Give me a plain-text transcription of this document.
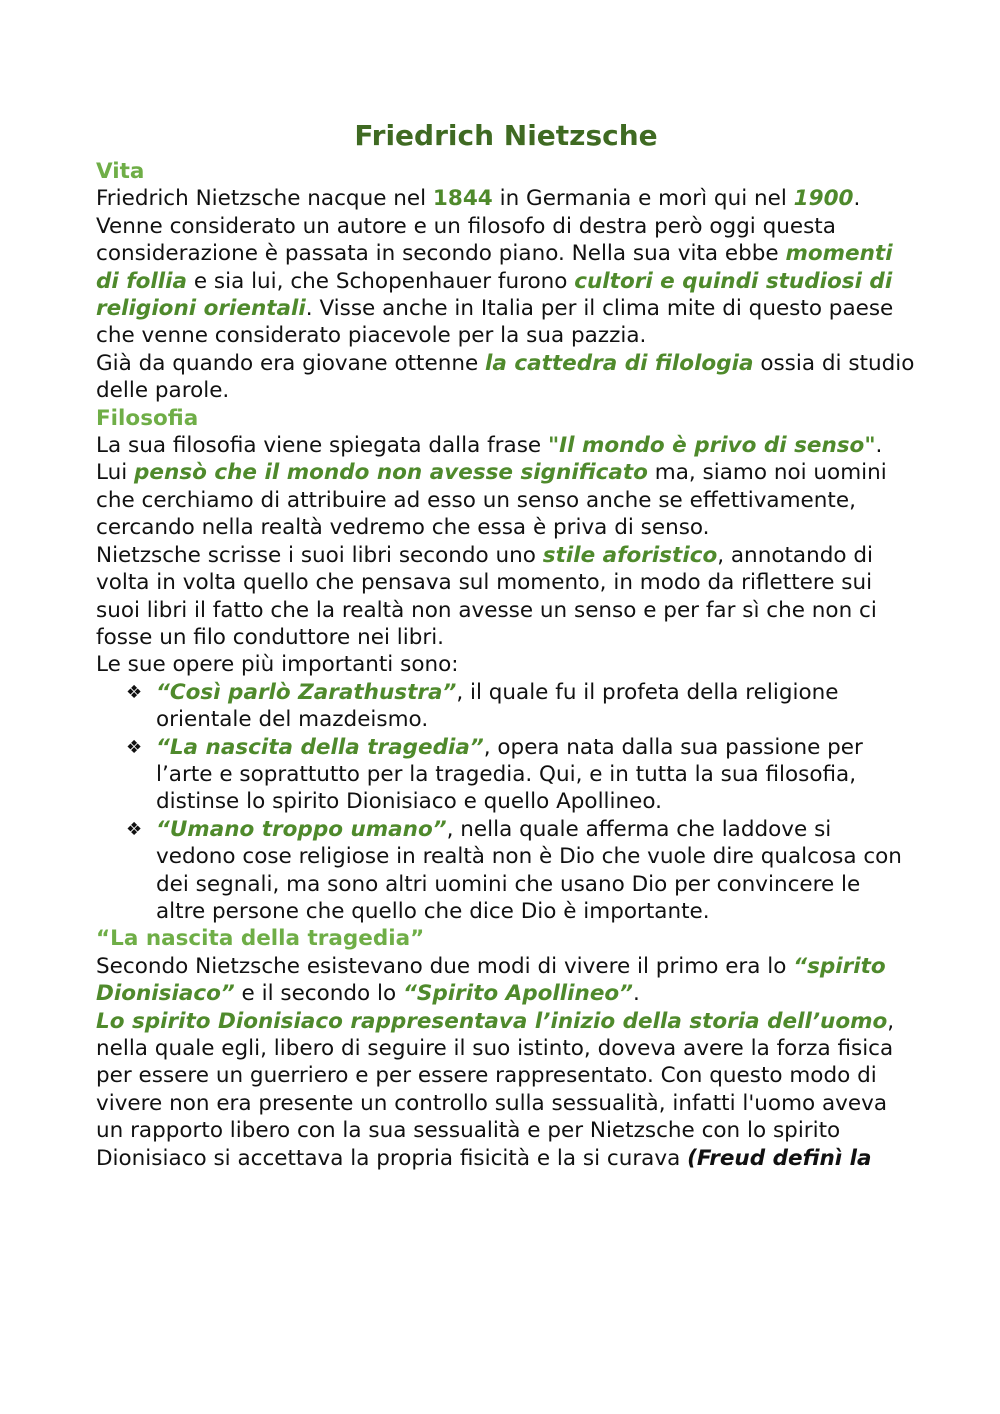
Friedrich Nietzsche
Vita

Friedrich Nietzsche nacque nel 1844 in Germania e morì qui nel 1900.

Venne considerato un autore e un filosofo di destra però oggi questa considerazione è passata in secondo piano. Nella sua vita ebbe momenti di follia e sia lui, che Schopenhauer furono cultori e quindi studiosi di religioni orientali. Visse anche in Italia per il clima mite di questo paese che venne considerato piacevole per la sua pazzia.

Già da quando era giovane ottenne la cattedra di filologia ossia di studio delle parole.

Filosofia

La sua filosofia viene spiegata dalla frase "Il mondo è privo di senso". Lui pensò che il mondo non avesse significato ma, siamo noi uomini che cerchiamo di attribuire ad esso un senso anche se effettivamente, cercando nella realtà vedremo che essa è priva di senso.

Nietzsche scrisse i suoi libri secondo uno stile aforistico, annotando di volta in volta quello che pensava sul momento, in modo da riflettere sui suoi libri il fatto che la realtà non avesse un senso e per far sì che non ci fosse un filo conduttore nei libri.

Le sue opere più importanti sono:

❖ “Così parlò Zarathustra”, il quale fu il profeta della religione orientale del mazdeismo.
❖ “La nascita della tragedia”, opera nata dalla sua passione per l’arte e soprattutto per la tragedia. Qui, e in tutta la sua filosofia, distinse lo spirito Dionisiaco e quello Apollineo.
❖ “Umano troppo umano”, nella quale afferma che laddove si vedono cose religiose in realtà non è Dio che vuole dire qualcosa con dei segnali, ma sono altri uomini che usano Dio per convincere le altre persone che quello che dice Dio è importante.
“La nascita della tragedia”

Secondo Nietzsche esistevano due modi di vivere il primo era lo “spirito Dionisiaco” e il secondo lo “Spirito Apollineo”.

Lo spirito Dionisiaco rappresentava l’inizio della storia dell’uomo, nella quale egli, libero di seguire il suo istinto, doveva avere la forza fisica per essere un guerriero e per essere rappresentato. Con questo modo di vivere non era presente un controllo sulla sessualità, infatti l'uomo aveva un rapporto libero con la sua sessualità e per Nietzsche con lo spirito Dionisiaco si accettava la propria fisicità e la si curava (Freud definì la
